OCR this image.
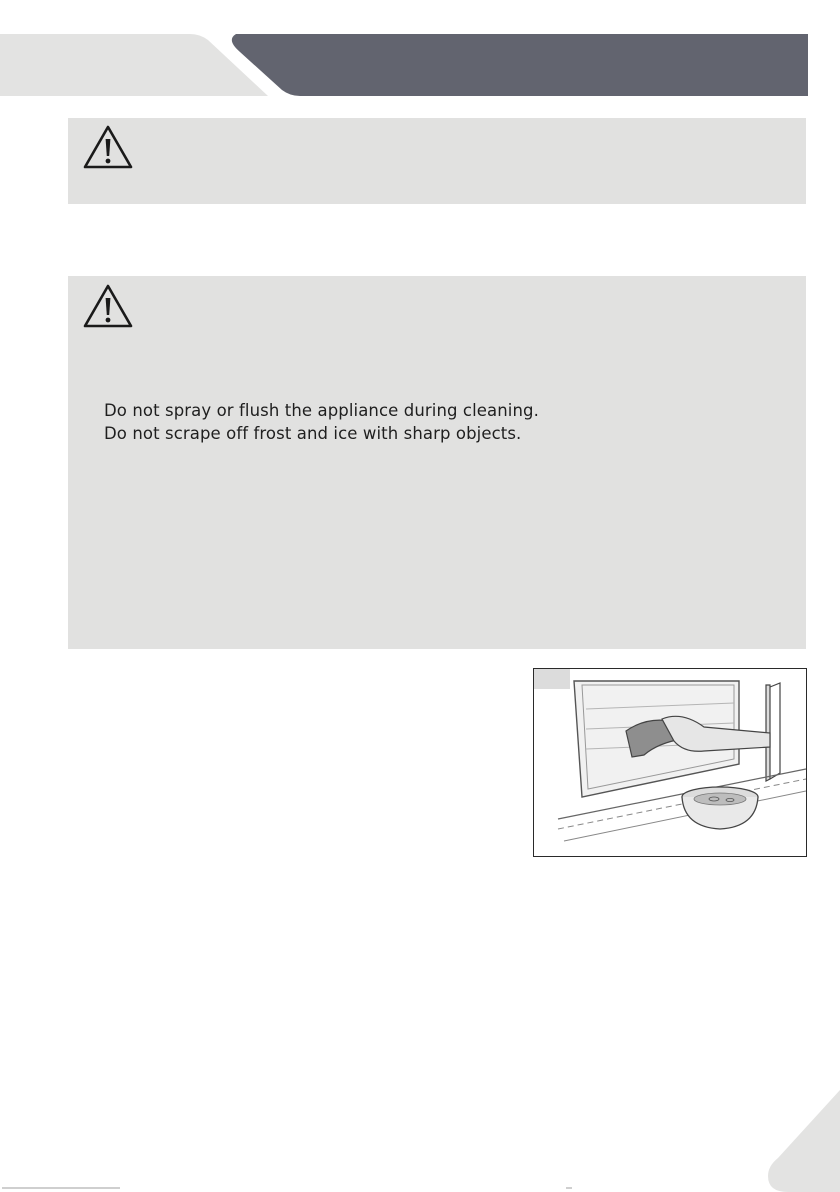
Do not spray or flush the appliance during cleaning.
Do not scrape off frost and ice with sharp objects.
